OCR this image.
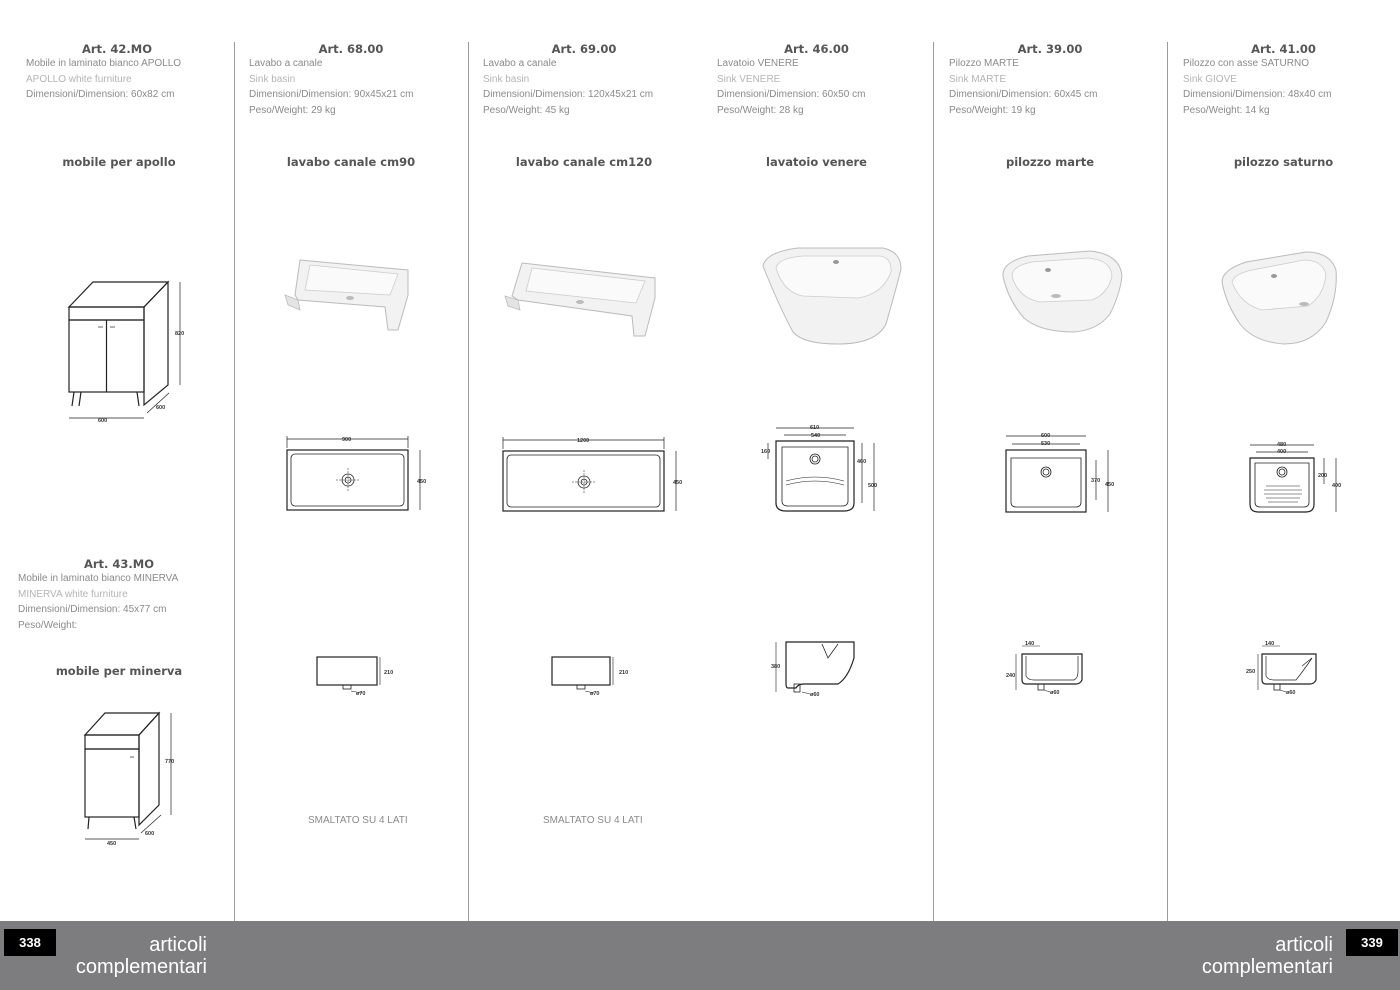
Art. 42.MO
Mobile in laminato bianco APOLLO
APOLLO white furniture
Dimensioni/Dimension: 60x82 cm
mobile per apollo
600
820
600
Art. 43.MO
Mobile in laminato bianco MINERVA
MINERVA white furniture
Dimensioni/Dimension: 45x77 cm
Peso/Weight:
mobile per minerva
450
770
600
Art. 68.00
Lavabo a canale
Sink basin
Dimensioni/Dimension: 90x45x21 cm
Peso/Weight: 29 kg
lavabo canale cm90
900
450
210
ø70
SMALTATO SU 4 LATI
Art. 69.00
Lavabo a canale
Sink basin
Dimensioni/Dimension: 120x45x21 cm
Peso/Weight: 45 kg
lavabo canale cm120
1200
450
210
ø70
SMALTATO SU 4 LATI
Art. 46.00
Lavatoio VENERE
Sink VENERE
Dimensioni/Dimension: 60x50 cm
Peso/Weight: 28 kg
lavatoio venere
610
540
160
460
500
380
ø60
Art. 39.00
Pilozzo MARTE
Sink MARTE
Dimensioni/Dimension: 60x45 cm
Peso/Weight: 19 kg
pilozzo marte
600
530
370
450
140
240
ø60
Art. 41.00
Pilozzo con asse SATURNO
Sink GIOVE
Dimensioni/Dimension: 48x40 cm
Peso/Weight: 14 kg
pilozzo saturno
480
400
200
400
140
250
ø60
338	339
articoli
complementari
articoli
complementari
